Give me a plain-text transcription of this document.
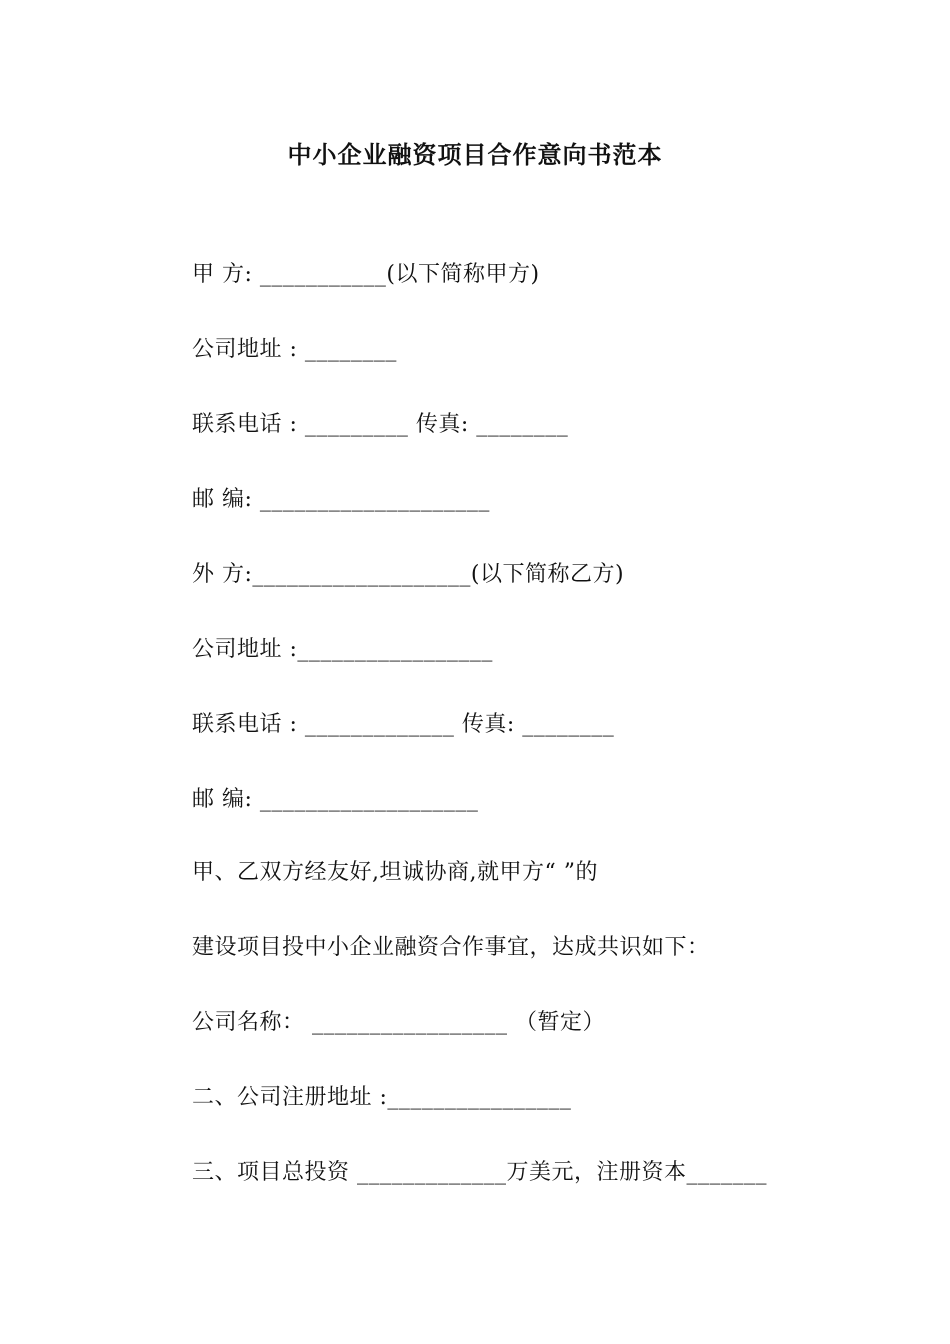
中小企业融资项目合作意向书范本
甲 方: ___________(以下简称甲方)
公司地址 : ________
联系电话 : _________ 传真: ________
邮 编: ____________________
外 方:___________________(以下简称乙方)
公司地址 :_________________
联系电话 : _____________ 传真: ________
邮 编: ___________________
甲、乙双方经友好,坦诚协商,就甲方“ ”的
建设项目投中小企业融资合作事宜，达成共识如下：
公司名称： _________________ （暂定）
二、公司注册地址 :________________
三、项目总投资 _____________万美元，注册资本_______
